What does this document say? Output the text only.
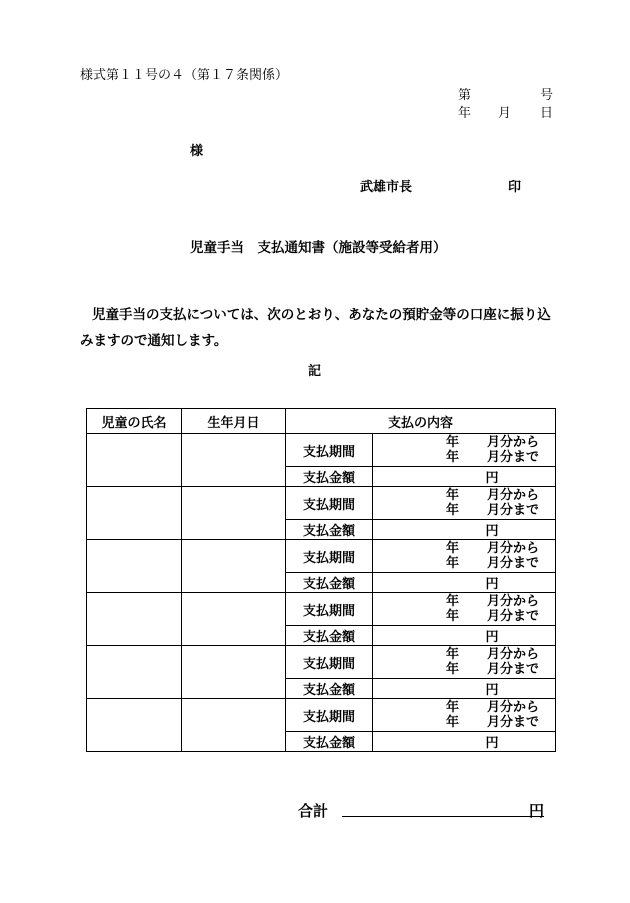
様式第１１号の４（第１７条関係）
第	号
年 月 日
様
武雄市長	印
児童手当　支払通知書（施設等受給者用）
児童手当の支払については、次のとおり、あなたの預貯金等の口座に振り込みますので通知します。
記
児童の氏名	生年月日	支払の内容	
		支払期間	年 月分から
年 月分まで

		支払金額	円
		支払期間	年 月分から
年 月分まで

		支払金額	円
		支払期間	年 月分から
年 月分まで

		支払金額	円
		支払期間	年 月分から
年 月分まで

		支払金額	円
		支払期間	年 月分から
年 月分まで

		支払金額	円
		支払期間	年 月分から
年 月分まで

		支払金額	円
合計	円
